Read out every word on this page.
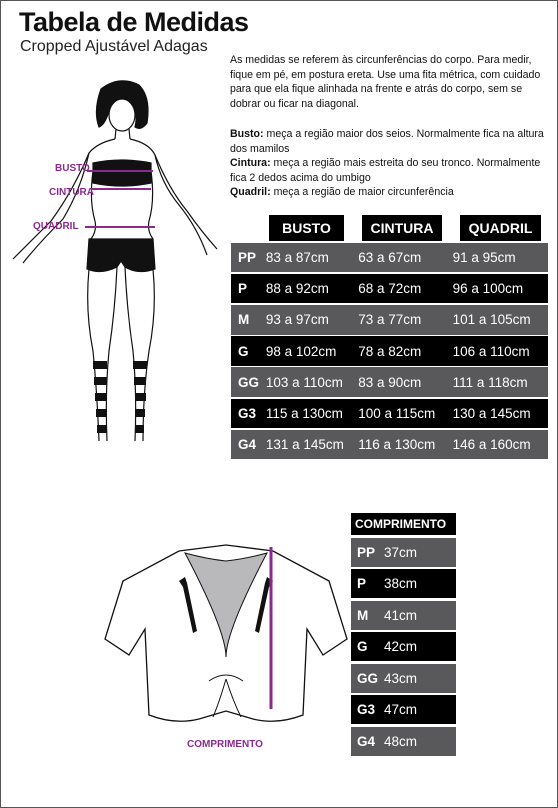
Tabela de Medidas
Cropped Ajustável Adagas
As medidas se referem às circunferências do corpo. Para medir, fique em pé, em postura ereta. Use uma fita métrica, com cuidado para que ela fique alinhada na frente e atrás do corpo, sem se dobrar ou ficar na diagonal.
Busto: meça a região maior dos seios. Normalmente fica na altura dos mamilos
Cintura: meça a região mais estreita do seu tronco. Normalmente fica 2 dedos acima do umbigo
Quadril: meça a região de maior circunferência
BUSTO
CINTURA
QUADRIL	BUSTO	CINTURA	QUADRIL
PP 83 a 87cm	63 a 67cm	91 a 95cm
P	88 a 92cm	68 a 72cm	96 a 100cm
M	93 a 97cm	73 a 77cm	101 a 105cm
G	98 a 102cm	78 a 82cm	106 a 110cm
GG 103 a 110cm	83 a 90cm	111 a 118cm
G3 115 a 130cm	100 a 115cm	130 a 145cm
G4 131 a 145cm	116 a 130cm	146 a 160cm
COMPRIMENTO
COMPRIMENTO
PP 37cm
P	38cm
M	41cm
G	42cm
GG 43cm
G3 47cm
G4 48cm
